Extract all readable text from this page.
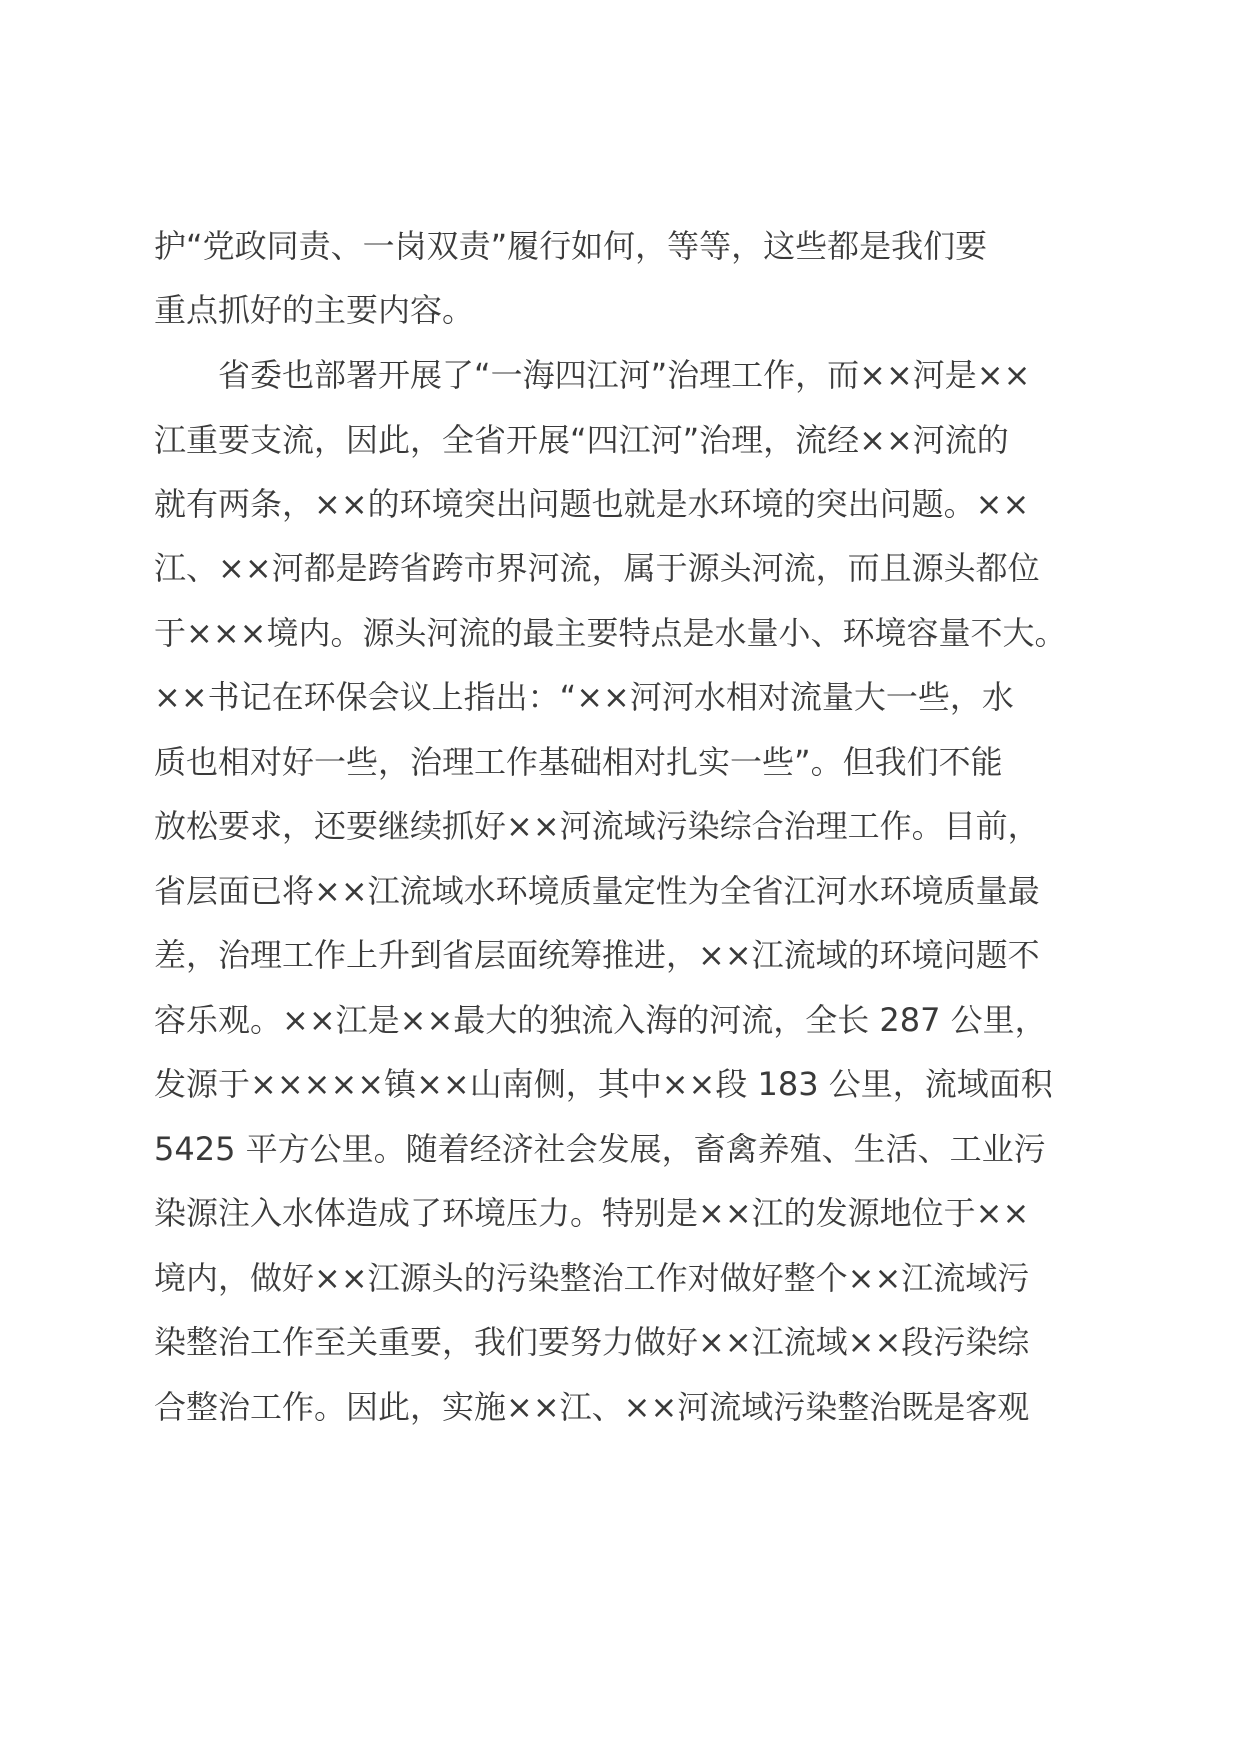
护“党政同责、一岗双责”履行如何，等等，这些都是我们要
重点抓好的主要内容。
　　省委也部署开展了“一海四江河”治理工作，而××河是××
江重要支流，因此，全省开展“四江河”治理，流经××河流的
就有两条，××的环境突出问题也就是水环境的突出问题。××
江、××河都是跨省跨市界河流，属于源头河流，而且源头都位
于×××境内。源头河流的最主要特点是水量小、环境容量不大。
××书记在环保会议上指出：“××河河水相对流量大一些，水
质也相对好一些，治理工作基础相对扎实一些”。但我们不能
放松要求，还要继续抓好××河流域污染综合治理工作。目前，
省层面已将××江流域水环境质量定性为全省江河水环境质量最
差，治理工作上升到省层面统筹推进，××江流域的环境问题不
容乐观。××江是××最大的独流入海的河流，全长 287 公里，
发源于×××××镇××山南侧，其中××段 183 公里，流域面积
5425 平方公里。随着经济社会发展，畜禽养殖、生活、工业污
染源注入水体造成了环境压力。特别是××江的发源地位于××
境内，做好××江源头的污染整治工作对做好整个××江流域污
染整治工作至关重要，我们要努力做好××江流域××段污染综
合整治工作。因此，实施××江、××河流域污染整治既是客观
